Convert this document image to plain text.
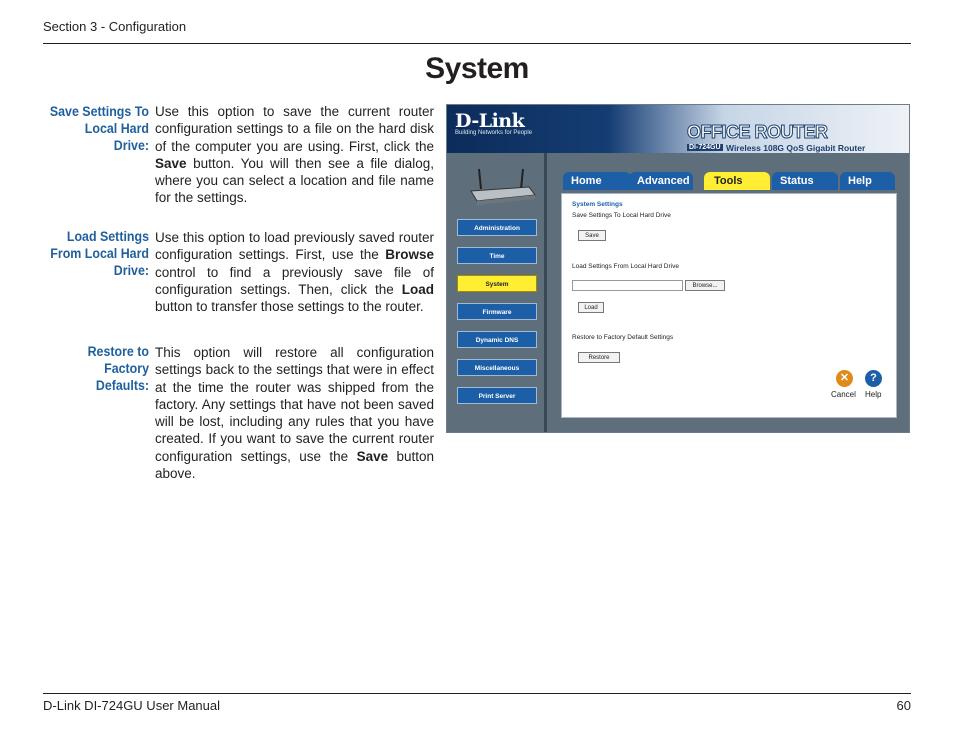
Section 3 - Configuration
System
Save Settings To
Local Hard Drive:
Use this option to save the current router configuration settings to a file on the hard disk of the computer you are using. First, click the Save button. You will then see a file dialog, where you can select a location and file name for the settings.
Load Settings
From Local Hard
Drive:
Use this option to load previously saved router configuration settings. First, use the Browse control to find a previously save file of configuration settings. Then, click the Load button to transfer those settings to the router.
Restore to
Factory Defaults:
This option will restore all configuration settings back to the settings that were in effect at the time the router was shipped from the factory. Any settings that have not been saved will be lost, including any rules that you have created. If you want to save the current router configuration settings, use the Save button above.
D-Link
Building Networks for People	OFFICE ROUTER
DI-724GU Wireless 108G QoS Gigabit Router
Administration
Time
System
Firmware
Dynamic DNS
Miscellaneous
Print Server
Home	Advanced	Tools	Status	Help
System Settings
Save Settings To Local Hard Drive
Save
Load Settings From Local Hard Drive
Browse...
Load
Restore to Factory Default Settings
Restore
✕
Cancel
?
Help
D-Link DI-724GU User Manual	60
